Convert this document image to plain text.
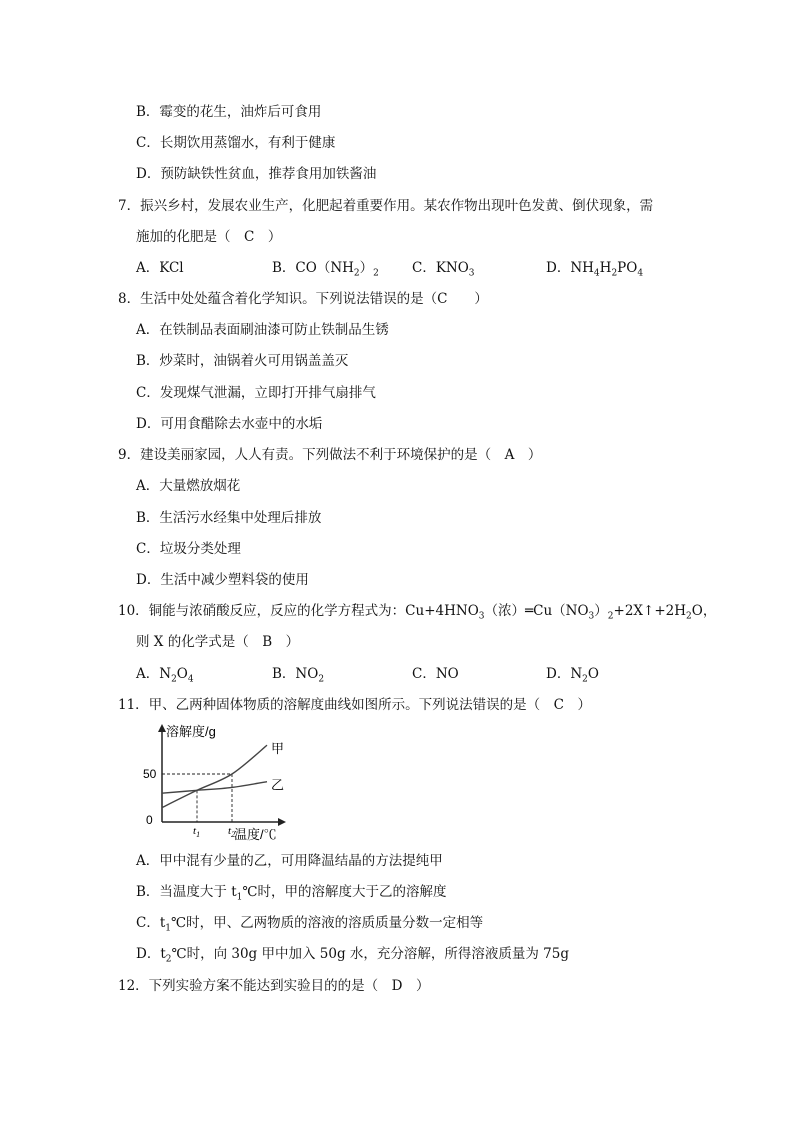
B．霉变的花生，油炸后可食用
C．长期饮用蒸馏水，有利于健康
D．预防缺铁性贫血，推荐食用加铁酱油
7．振兴乡村，发展农业生产，化肥起着重要作用。某农作物出现叶色发黄、倒伏现象，需
施加的化肥是（　C　）
A．KCl	B．$CO(NH_2)_2$ C．$KNO_3$	D．$NH_4H_2PO_4$
8．生活中处处蕴含着化学知识。下列说法错误的是（C　　）
A．在铁制品表面刷油漆可防止铁制品生锈
B．炒菜时，油锅着火可用锅盖盖灭
C．发现煤气泄漏，立即打开排气扇排气
D．可用食醋除去水壶中的水垢
9．建设美丽家园，人人有责。下列做法不利于环境保护的是（　A　）
A．大量燃放烟花
B．生活污水经集中处理后排放
C．垃圾分类处理
D．生活中减少塑料袋的使用
10．铜能与浓硝酸反应，反应的化学方程式为：$Cu+4HNO_3$（浓）$═Cu(NO_3)_2+2X↑+2H_2O$，
则 X 的化学式是（　B　）
A．$N_2O_4$	B．$NO_2$	C．NO	D．$N_2O$
11．甲、乙两种固体物质的溶解度曲线如图所示。下列说法错误的是（　C　）
溶解度/g
温度/℃
0
50
$t_1$	$t_2$
甲
乙
A．甲中混有少量的乙，可用降温结晶的方法提纯甲
B．当温度大于 $t_1℃$时，甲的溶解度大于乙的溶解度
C．$t_1℃$时，甲、乙两物质的溶液的溶质质量分数一定相等
D．$t_2℃$时，向 30g 甲中加入 50g 水，充分溶解，所得溶液质量为 75g
12．下列实验方案不能达到实验目的的是（　D　）
